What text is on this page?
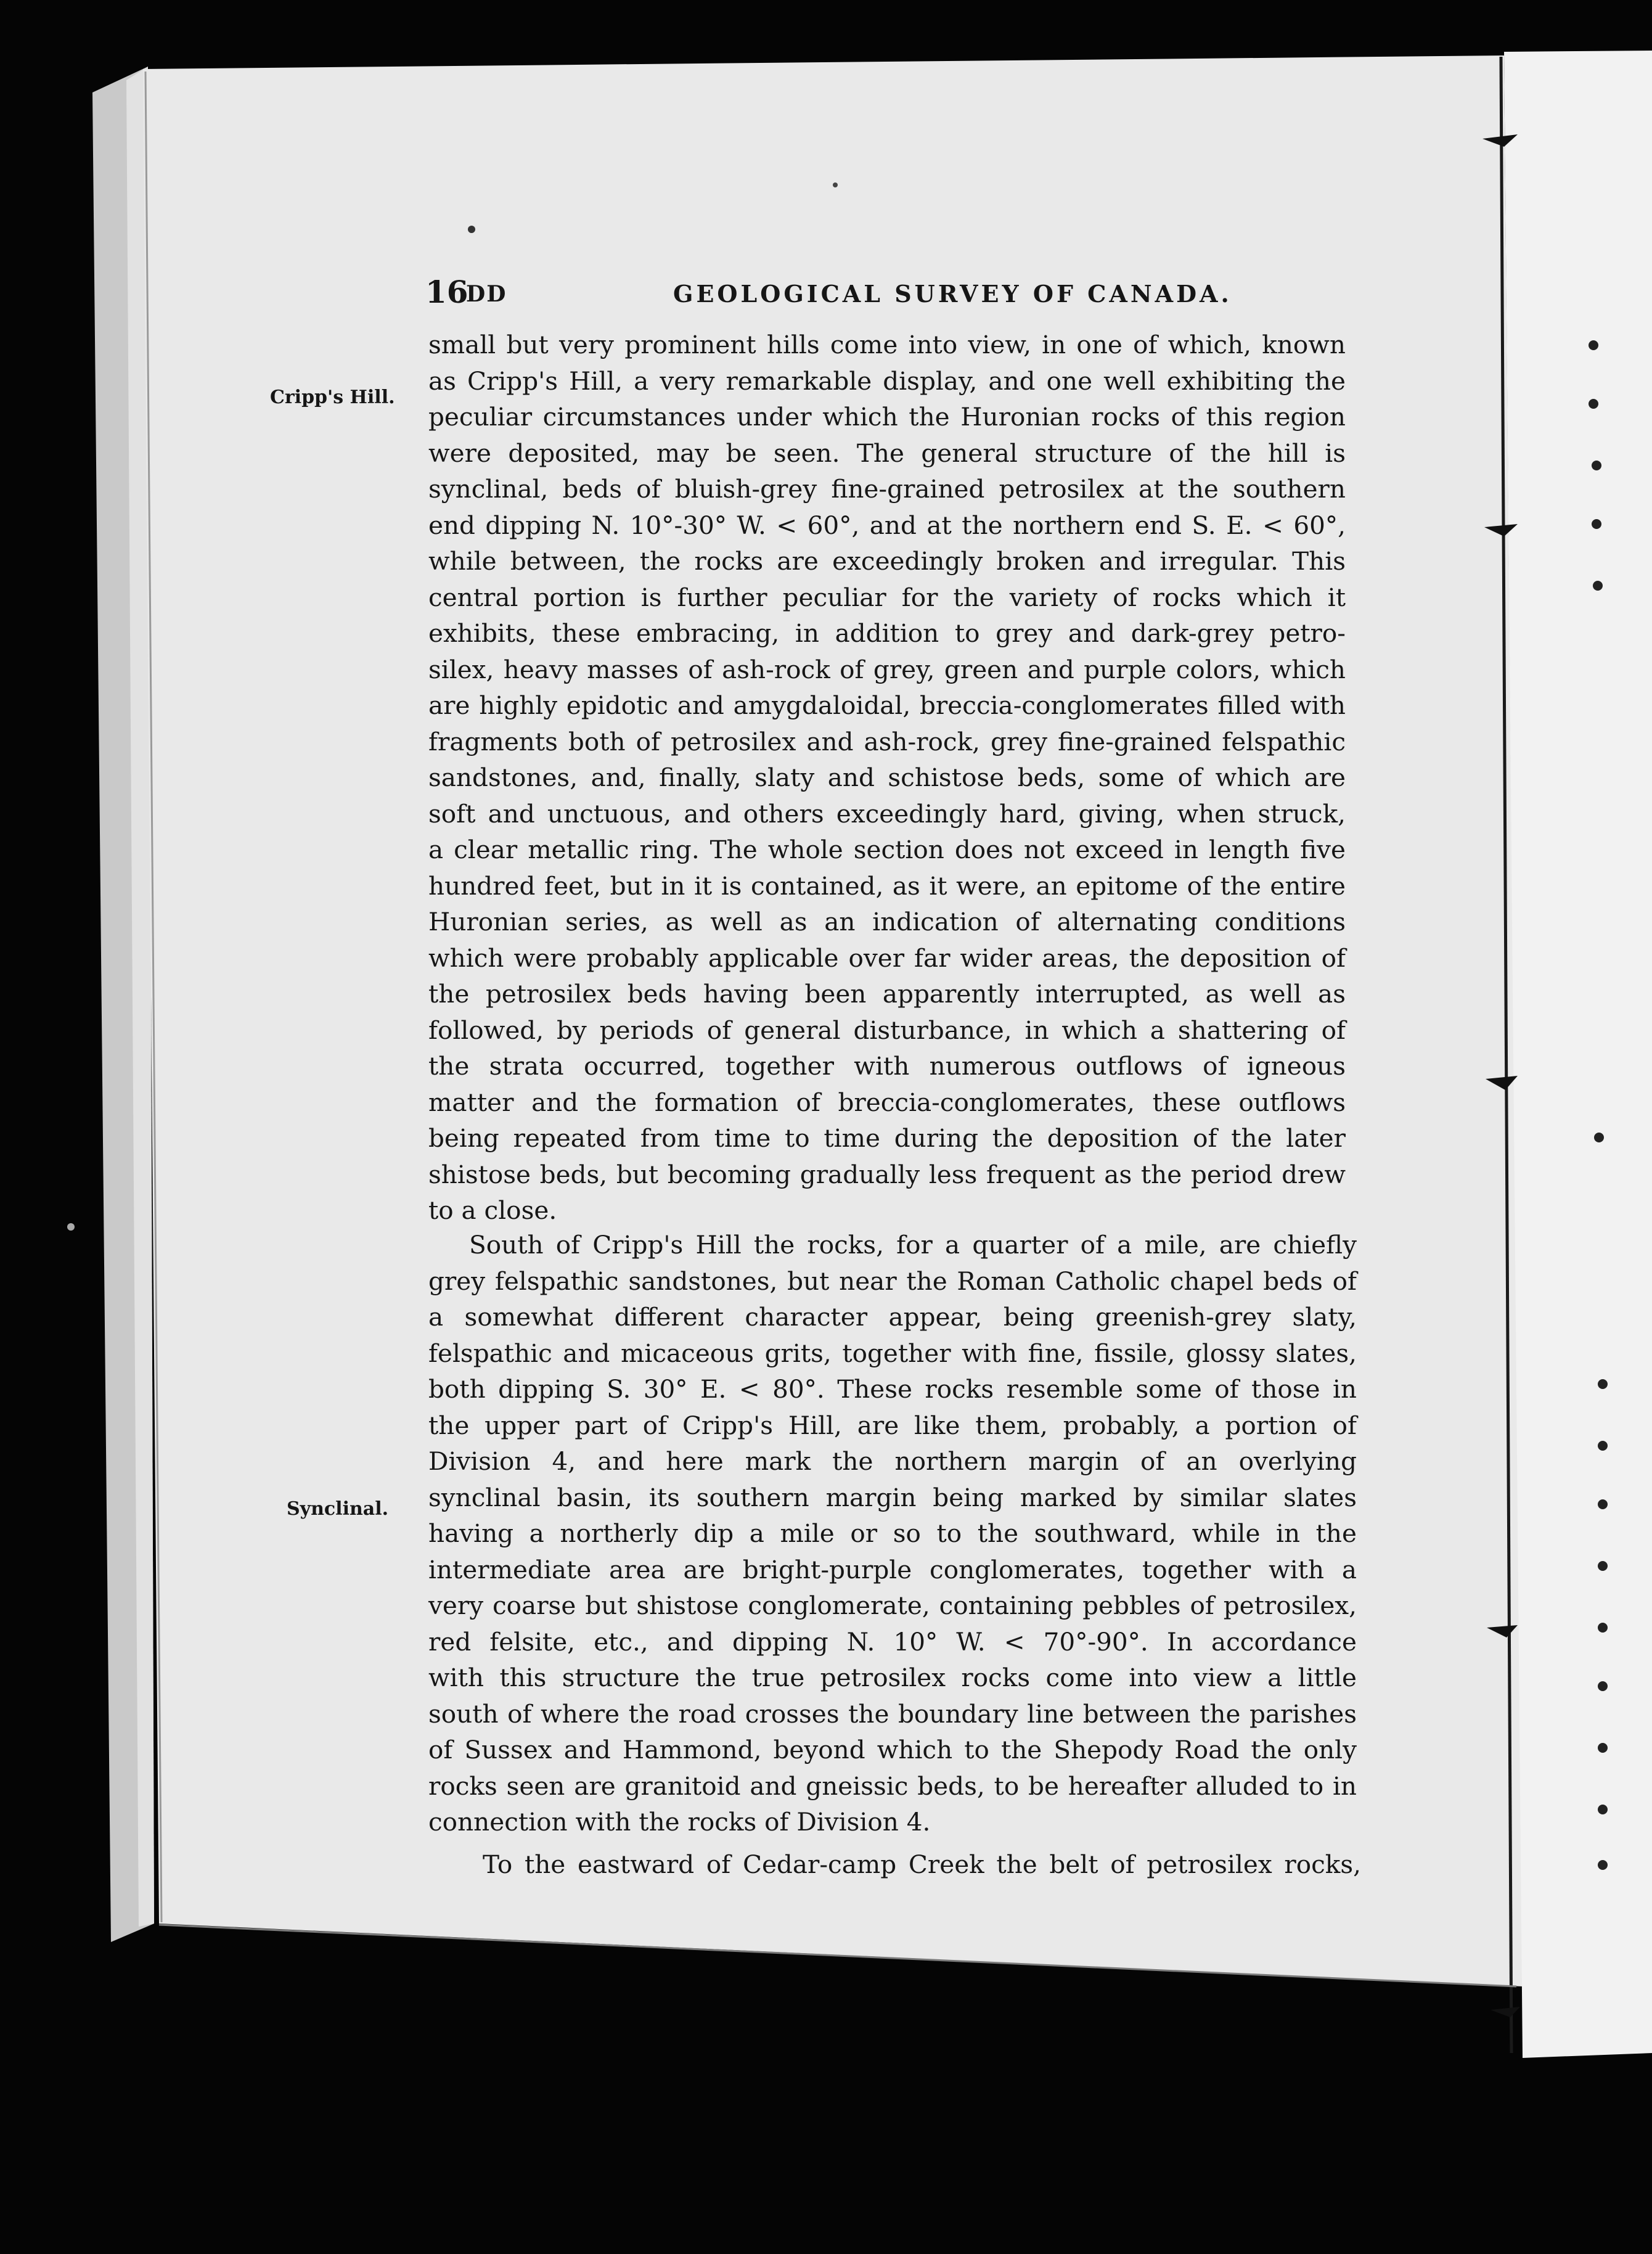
16
DD	GEOLOGICAL SURVEY OF CANADA.
Cripp's Hill.
Synclinal.
small but very prominent hills come into view, in one of which, known
as Cripp's Hill, a very remarkable display, and one well exhibiting the
peculiar circumstances under which the Huronian rocks of this region
were deposited, may be seen. The general structure of the hill is
synclinal, beds of bluish-grey fine-grained petrosilex at the southern
end dipping N. 10°-30° W. < 60°, and at the northern end S. E. < 60°,
while between, the rocks are exceedingly broken and irregular. This
central portion is further peculiar for the variety of rocks which it
exhibits, these embracing, in addition to grey and dark-grey petro-
silex, heavy masses of ash-rock of grey, green and purple colors, which
are highly epidotic and amygdaloidal, breccia-conglomerates filled with
fragments both of petrosilex and ash-rock, grey fine-grained felspathic
sandstones, and, finally, slaty and schistose beds, some of which are
soft and unctuous, and others exceedingly hard, giving, when struck,
a clear metallic ring. The whole section does not exceed in length five
hundred feet, but in it is contained, as it were, an epitome of the entire
Huronian series, as well as an indication of alternating conditions
which were probably applicable over far wider areas, the deposition of
the petrosilex beds having been apparently interrupted, as well as
followed, by periods of general disturbance, in which a shattering of
the strata occurred, together with numerous outflows of igneous
matter and the formation of breccia-conglomerates, these outflows
being repeated from time to time during the deposition of the later
shistose beds, but becoming gradually less frequent as the period drew
to a close.
South of Cripp's Hill the rocks, for a quarter of a mile, are chiefly
grey felspathic sandstones, but near the Roman Catholic chapel beds of
a somewhat different character appear, being greenish-grey slaty,
felspathic and micaceous grits, together with fine, fissile, glossy slates,
both dipping S. 30° E. < 80°. These rocks resemble some of those in
the upper part of Cripp's Hill, are like them, probably, a portion of
Division 4, and here mark the northern margin of an overlying
synclinal basin, its southern margin being marked by similar slates
having a northerly dip a mile or so to the southward, while in the
intermediate area are bright-purple conglomerates, together with a
very coarse but shistose conglomerate, containing pebbles of petrosilex,
red felsite, etc., and dipping N. 10° W. < 70°-90°. In accordance
with this structure the true petrosilex rocks come into view a little
south of where the road crosses the boundary line between the parishes
of Sussex and Hammond, beyond which to the Shepody Road the only
rocks seen are granitoid and gneissic beds, to be hereafter alluded to in
connection with the rocks of Division 4.
To the eastward of Cedar-camp Creek the belt of petrosilex rocks,
